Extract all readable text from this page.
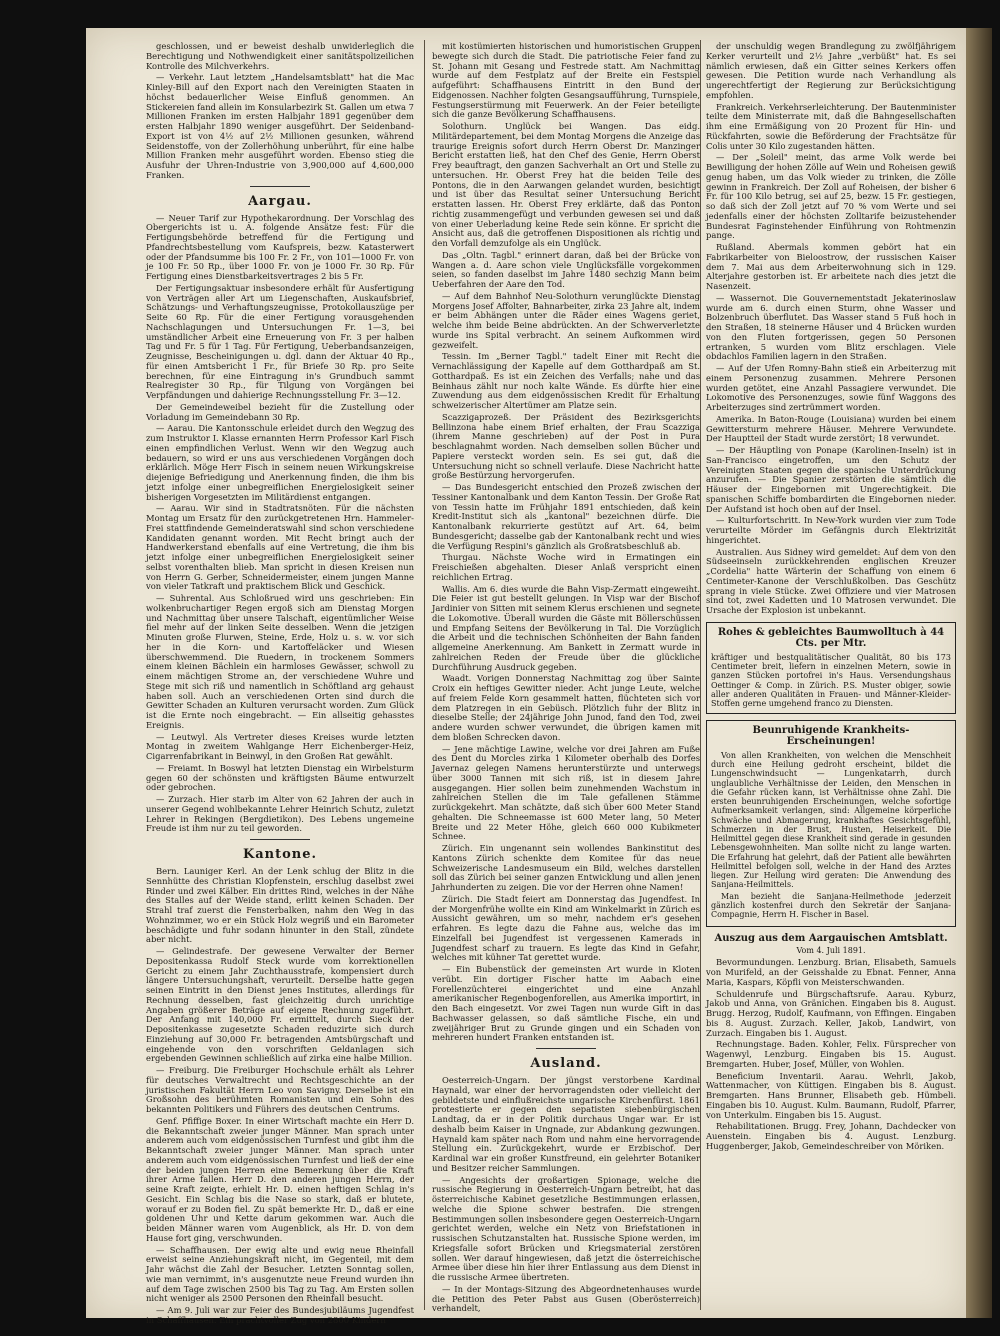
geschlossen, und er beweist deshalb unwiderleglich die Berechtigung und Nothwendigkeit einer sanitätspolizeilichen Kontrolle des Milchverkehrs.

— Verkehr. Laut letztem „Handelsamtsblatt" hat die Mac Kinley-Bill auf den Export nach den Vereinigten Staaten in höchst bedauerlicher Weise Einfluß genommen. An Stickereien fand allein im Konsularbezirk St. Gallen um etwa 7 Millionen Franken im ersten Halbjahr 1891 gegenüber dem ersten Halbjahr 1890 weniger ausgeführt. Der Seidenband-Export ist von 4½ auf 2½ Millionen gesunken, während Seidenstoffe, von der Zollerhöhung unberührt, für eine halbe Million Franken mehr ausgeführt worden. Ebenso stieg die Ausfuhr der Uhren-Industrie von 3,900,000 auf 4,600,000 Franken.

Aargau.

— Neuer Tarif zur Hypothekarordnung. Der Vorschlag des Obergerichts ist u. A. folgende Ansätze fest: Für die Fertigungsbehörde betreffend für die Fertigung und Pfandrechtsbestellung vom Kaufspreis, bezw. Katasterwert oder der Pfandsumme bis 100 Fr. 2 Fr., von 101—1000 Fr. von je 100 Fr. 50 Rp., über 1000 Fr. von je 1000 Fr. 30 Rp. Für Fertigung eines Dienstbarkeitsvertrages 2 bis 5 Fr.

Der Fertigungsaktuar insbesondere erhält für Ausfertigung von Verträgen aller Art um Liegenschaften, Auskaufsbrief, Schätzungs- und Verhaftungszeugnisse, Protokollauszüge per Seite 60 Rp. Für die einer Fertigung vorausgehenden Nachschlagungen und Untersuchungen Fr. 1—3, bei umständlicher Arbeit eine Erneuerung von Fr. 3 per halben Tag und Fr. 5 für 1 Tag. Für Fertigung, Ueberbandsanzeigen, Zeugnisse, Bescheinigungen u. dgl. dann der Aktuar 40 Rp., für einen Amtsbericht 1 Fr., für Briefe 30 Rp. pro Seite berechnen, für eine Eintragung in's Grundbuch sammt Realregister 30 Rp., für Tilgung von Vorgängen bei Verpfändungen und dahierige Rechnungsstellung Fr. 3—12.

Der Gemeindeweibel bezieht für die Zustellung oder Vorladung im Gemeindebann 30 Rp.

— Aarau. Die Kantonsschule erleidet durch den Wegzug des zum Instruktor I. Klasse ernannten Herrn Professor Karl Fisch einen empfindlichen Verlust. Wenn wir den Wegzug auch bedauern, so wird er uns aus verschiedenen Vorgängen doch erklärlich. Möge Herr Fisch in seinem neuen Wirkungskreise diejenige Befriedigung und Anerkennung finden, die ihm bis jetzt infolge einer unbegreiflichen Energielosigkeit seiner bisherigen Vorgesetzten im Militärdienst entgangen.

— Aarau. Wir sind in Stadtratsnöten. Für die nächsten Montag um Ersatz für den zurückgetretenen Hrn. Hammeler-Frei stattfindende Gemeinderatswahl sind schon verschiedene Kandidaten genannt worden. Mit Recht bringt auch der Handwerkerstand ebenfalls auf eine Vertretung, die ihm bis jetzt infolge einer unbegreiflichen Energielosigkeit seiner selbst vorenthalten blieb. Man spricht in diesen Kreisen nun von Herrn G. Gerber, Schneidermeister, einem jungen Manne von vieler Tatkraft und praktischem Blick und Geschick.

— Suhrental. Aus Schloßrued wird uns geschrieben: Ein wolkenbruchartiger Regen ergoß sich am Dienstag Morgen und Nachmittag über unsere Talschaft, eigentümlicher Weise fiel mehr auf der linken Seite desselben. Wenn die jetzigen Minuten große Flurwen, Steine, Erde, Holz u. s. w. vor sich her in die Korn- und Kartoffeläcker und Wiesen überschwemmend. Die Ruedern, in trockenem Sommers einem kleinen Bächlein ein harmloses Gewässer, schwoll zu einem mächtigen Strome an, der verschiedene Wuhre und Stege mit sich riß und namentlich in Schöftland arg gehaust haben soll. Auch an verschiedenen Orten sind durch die Gewitter Schaden an Kulturen verursacht worden. Zum Glück ist die Ernte noch eingebracht. — Ein allseitig gehasstes Ereignis.

— Leutwyl. Als Vertreter dieses Kreises wurde letzten Montag in zweitem Wahlgange Herr Eichenberger-Heiz, Cigarrenfabrikant in Beinwyl, in den Großen Rat gewählt.

— Freiamt. In Boswyl hat letzten Dienstag ein Wirbelsturm gegen 60 der schönsten und kräftigsten Bäume entwurzelt oder gebrochen.

— Zurzach. Hier starb im Alter von 62 Jahren der auch in unserer Gegend wohlbekannte Lehrer Heinrich Schutz, zuletzt Lehrer in Rekingen (Bergdietikon). Des Lebens ungemeine Freude ist ihm nur zu teil geworden.

Kantone.

Bern. Launiger Kerl. An der Lenk schlug der Blitz in die Sennhütte des Christian Klopfenstein, erschlug daselbst zwei Rinder und zwei Kälber. Ein drittes Rind, welches in der Nähe des Stalles auf der Weide stand, erlitt keinen Schaden. Der Strahl traf zuerst die Fensterbalken, nahm den Weg in das Wohnzimmer, wo er ein Stück Holz wegriß und ein Barometer beschädigte und fuhr sodann hinunter in den Stall, zündete aber nicht.

— Gelindestrafe. Der gewesene Verwalter der Berner Depositenkassa Rudolf Steck wurde vom korrektionellen Gericht zu einem Jahr Zuchthausstrafe, kompensiert durch längere Untersuchungshaft, verurteilt. Derselbe hatte gegen seinen Eintritt in den Dienst jenes Institutes, allerdings für Rechnung desselben, fast gleichzeitig durch unrichtige Angaben größerer Beträge auf eigene Rechnung zugeführt. Der Anfang mit 140,000 Fr. ermittelt, durch Sieck der Depositenkasse zugesetzte Schaden reduzirte sich durch Einziehung auf 30,000 Fr. betragenden Amtsbürgschaft und eingehende von den vorschriften Geldanlagen sich ergebenden Gewinnen schließlich auf zirka eine halbe Million.

— Freiburg. Die Freiburger Hochschule erhält als Lehrer für deutsches Verwaltrecht und Rechtsgeschichte an der juristischen Fakultät Herrn Leo von Savigny. Derselbe ist ein Großsohn des berühmten Romanisten und ein Sohn des bekannten Politikers und Führers des deutschen Centrums.

Genf. Pfiffige Boxer. In einer Wirtschaft machte ein Herr D. die Bekanntschaft zweier junger Männer. Man sprach unter anderem auch vom eidgenössischen Turnfest und gibt ihm die Bekanntschaft zweier junger Männer. Man sprach unter anderem auch vom eidgenössischen Turnfest und ließ der eine der beiden jungen Herren eine Bemerkung über die Kraft ihrer Arme fallen. Herr D. den anderen jungen Herrn, der seine Kraft zeigte, erhielt Hr. D. einen heftigen Schlag in's Gesicht. Ein Schlag bis die Nase so stark, daß er blutete, worauf er zu Boden fiel. Zu spät bemerkte Hr. D., daß er eine goldenen Uhr und Kette darum gekommen war. Auch die beiden Männer waren vom Augenblick, als Hr. D. von dem Hause fort ging, verschwunden.

— Schaffhausen. Der ewig alte und ewig neue Rheinfall erweist seine Anziehungskraft nicht, im Gegenteil, mit dem Jahr wächst die Zahl der Besucher. Letzten Sonntag sollen, wie man vernimmt, in's ausgenutzte neue Freund wurden ihn auf dem Tage zwischen 2500 bis Tag zu Tag. Am Ersten sollen nicht weniger als 2500 Personen den Rheinfall besucht.

— Am 9. Juli war zur Feier des Bundesjubiläums Jugendfest in Schaffhausen. Ein prachtvoller Zug von 2800 Kindern

mit kostümierten historischen und humoristischen Gruppen bewegte sich durch die Stadt. Die patriotische Feier fand zu St. Johann mit Gesang und Festrede statt. Am Nachmittag wurde auf dem Festplatz auf der Breite ein Festspiel aufgeführt: Schaffhausens Eintritt in den Bund der Eidgenossen. Nachher folgten Gesangsaufführung, Turnspiele, Festungserstürmung mit Feuerwerk. An der Feier beteiligte sich die ganze Bevölkerung Schaffhausens.

Solothurn. Unglück bei Wangen. Das eidg. Militärdepartement, bei dem Montag Morgens die Anzeige das traurige Ereignis sofort durch Herrn Oberst Dr. Manzinger Bericht erstatten ließ, hat den Chef des Genie, Herrn Oberst Frey beauftragt, den ganzen Sachverhalt an Ort und Stelle zu untersuchen. Hr. Oberst Frey hat die beiden Teile des Pontons, die in den Aarwangen gelandet wurden, besichtigt und ist über das Resultat seiner Untersuchung Bericht erstatten lassen. Hr. Oberst Frey erklärte, daß das Ponton richtig zusammengefügt und verbunden gewesen sei und daß von einer Ueberladung keine Rede sein könne. Er spricht die Ansicht aus, daß die getroffenen Dispositionen als richtig und den Vorfall demzufolge als ein Unglück.

Das „Oltn. Tagbl." erinnert daran, daß bei der Brücke von Wangen a. d. Aare schon viele Unglücksfälle vorgekommen seien, so fanden daselbst im Jahre 1480 sechzig Mann beim Ueberfahren der Aare den Tod.

— Auf dem Bahnhof Neu-Solothurn verunglückte Dienstag Morgens Josef Affolter, Bahnarbeiter, zirka 23 Jahre alt, indem er beim Abhängen unter die Räder eines Wagens geriet, welche ihm beide Beine abdrückten. An der Schwerverletzte wurde ins Spital verbracht. An seinem Aufkommen wird gezweifelt.

Tessin. Im „Berner Tagbl." tadelt Einer mit Recht die Vernachlässigung der Kapelle auf dem Gotthardpaß am St. Gotthardpaß. Es ist ein Zeichen des Verfalls; nahe und das Beinhaus zählt nur noch kalte Wände. Es dürfte hier eine Zuwendung aus dem eidgenössischen Kredit für Erhaltung schweizerischer Altertümer am Platze sein.

Scazzigaprozeß. Der Präsident des Bezirksgerichts Bellinzona habe einem Brief erhalten, der Frau Scazziga (ihrem Manne geschrieben) auf der Post in Pura beschlagnahmt worden. Nach demselben sollen Bücher und Papiere versteckt worden sein. Es sei gut, daß die Untersuchung nicht so schnell verlaufe. Diese Nachricht hatte große Bestürzung hervorgerufen.

— Das Bundesgericht entschied den Prozeß zwischen der Tessiner Kantonalbank und dem Kanton Tessin. Der Große Rat von Tessin hatte im Frühjahr 1891 entschieden, daß kein Kredit-Institut sich als „kantonal" bezeichnen dürfe. Die Kantonalbank rekurrierte gestützt auf Art. 64, beim Bundesgericht; dasselbe gab der Kantonalbank recht und wies die Verfügung Respini's gänzlich als Großratsbeschluß ab.

Thurgau. Nächste Woche wird in Ermatingen ein Freischießen abgehalten. Dieser Anlaß verspricht einen reichlichen Ertrag.

Wallis. Am 6. dies wurde die Bahn Visp-Zermatt eingeweiht. Die Feier ist gut bestellt gelungen. In Visp war der Bischof Jardinier von Sitten mit seinem Klerus erschienen und segnete die Lokomotive. Überall wurden die Gäste mit Böllerschüssen und Empfang Seitens der Bevölkerung in Tal. Die Vorzüglich die Arbeit und die technischen Schönheiten der Bahn fanden allgemeine Anerkennung. Am Bankett in Zermatt wurde in zahlreichen Reden der Freude über die glückliche Durchführung Ausdruck gegeben.

Waadt. Vorigen Donnerstag Nachmittag zog über Sainte Croix ein heftiges Gewitter nieder. Acht junge Leute, welche auf freiem Felde Korn gesammelt hatten, flüchteten sich vor dem Platzregen in ein Gebüsch. Plötzlich fuhr der Blitz in dieselbe Stelle; der 24jährige John Junod, fand den Tod, zwei andere wurden schwer verwundet, die übrigen kamen mit dem bloßen Schrecken davon.

— Jene mächtige Lawine, welche vor drei Jahren am Fuße des Dent du Morcles zirka 1 Kilometer oberhalb des Dorfes Javernaz gelegen Namens herunterstürzte und unterwegs über 3000 Tannen mit sich riß, ist in diesem Jahre ausgegangen. Hier sollen beim zunehmenden Wachstum in zahlreichen Stellen die im Tale gefallenen Stämme zurückgekehrt. Man schätzte, daß sich über 600 Meter Stand gehalten. Die Schneemasse ist 600 Meter lang, 50 Meter Breite und 22 Meter Höhe, gleich 660 000 Kubikmeter Schnee.

Zürich. Ein ungenannt sein wollendes Bankinstitut des Kantons Zürich schenkte dem Komitee für das neue Schweizerische Landesmuseum ein Bild, welches darstellen soll das Zürich bei seiner ganzen Entwicklung und allen jenen Jahrhunderten zu zeigen. Die vor der Herren ohne Namen!

Zürich. Die Stadt feiert am Donnerstag das Jugendfest. In der Morgenfrühe wollte ein Kind am Winkelmarkt in Zürich es Aussicht gewähren, um so mehr, nachdem er's gesehen erfahren. Es legte dazu die Fahne aus, welche das im Einzelfall bei Jugendfest ist vergessenen Kamerads in Jugendfest scharf zu trauern. Es legte das Kind in Gefahr, welches mit kühner Tat gerettet wurde.

— Ein Bubenstück der gemeinsten Art wurde in Kloten verübt. Ein dortiger Fischer hatte im Aabach eine Forellenzüchterei eingerichtet und eine Anzahl amerikanischer Regenbogenforellen, aus Amerika importirt, in den Bach eingesetzt. Vor zwei Tagen nun wurde Gift in das Bachwasser gelassen, so daß sämtliche Fische, ein und zweijähriger Brut zu Grunde gingen und ein Schaden von mehreren hundert Franken entstanden ist.

Ausland.

Oesterreich-Ungarn. Der jüngst verstorbene Kardinal Haynald, war einer der hervorragendsten oder vielleicht der gebildetste und einflußreichste ungarische Kirchenfürst. 1861 protestierte er gegen den sepatisten siebenbürgischen Landtag, da er in der Politik durchaus Ungar war. Er ist deshalb beim Kaiser in Ungnade, zur Abdankung gezwungen. Haynald kam später nach Rom und nahm eine hervorragende Stellung ein. Zurückgekehrt, wurde er Erzbischof. Der Kardinal war ein großer Kunstfreund, ein gelehrter Botaniker und Besitzer reicher Sammlungen.

— Angesichts der großartigen Spionage, welche die russische Regierung in Oesterreich-Ungarn betreibt, hat das österreichische Kabinet gesetzliche Bestimmungen erlassen, welche die Spione schwer bestrafen. Die strengen Bestimmungen sollen insbesondere gegen Oesterreich-Ungarn gerichtet werden, welche ein Netz von Briefstationen in russischen Schutzanstalten hat. Russische Spione werden, im Kriegsfalle sofort Brücken und Kriegsmaterial zerstören sollen. Wer darauf hingewiesen, daß jetzt die österreichische Armee über diese hin hier ihrer Entlassung aus dem Dienst in die russische Armee übertreten.

— In der Montags-Sitzung des Abgeordnetenhauses wurde die Petition des Peter Pabst aus Gusen (Oberösterreich) verhandelt,

der unschuldig wegen Brandlegung zu zwölfjährigem Kerker verurteilt und 2½ Jahre „verbüßt" hat. Es sei nämlich erwiesen, daß ein Gitter seines Kerkers offen gewesen. Die Petition wurde nach Verhandlung als ungerechtfertigt der Regierung zur Berücksichtigung empfohlen.

Frankreich. Verkehrserleichterung. Der Bautenminister teilte dem Ministerrate mit, daß die Bahngesellschaften ihm eine Ermäßigung von 20 Prozent für Hin- und Rückfahrten, sowie die Beförderung der Frachtsätze für Colis unter 30 Kilo zugestanden hätten.

— Der „Soleil" meint, das arme Volk werde bei Bewilligung der hohen Zölle auf Wein und Roheisen gewiß genug haben, um das Volk wieder zu trinken, die Zölle gewinn in Frankreich. Der Zoll auf Roheisen, der bisher 6 Fr. für 100 Kilo betrug, sei auf 25, bezw. 15 Fr. gestiegen, so daß sich der Zoll jetzt auf 70 % vom Werte und sei jedenfalls einer der höchsten Zolltarife beizustehender Bundesrat Faginstehender Einführung von Rohtmenzin pange.

Rußland. Abermals kommen gebört hat ein Fabrikarbeiter von Bieloostrow, der russischen Kaiser dem 7. Mai aus dem Arbeiterwohnung sich in 129. Alterjahre gestorben ist. Er arbeitete nach dies jetzt die Nasenzeit.

— Wassernot. Die Gouvernementstadt Jekaterinoslaw wurde am 6. durch einen Sturm, ohne Wasser und Bolzenbruch überflutet. Das Wasser stand 5 Fuß hoch in den Straßen, 18 steinerne Häuser und 4 Brücken wurden von den Fluten fortgerissen, gegen 50 Personen ertranken, 5 wurden vom Blitz erschlagen. Viele obdachlos Familien lagern in den Straßen.

— Auf der Ufen Romny-Bahn stieß ein Arbeiterzug mit einem Personenzug zusammen. Mehrere Personen wurden getötet, eine Anzahl Passagiere verwundet. Die Lokomotive des Personenzuges, sowie fünf Waggons des Arbeiterzuges sind zertrümmert worden.

Amerika. In Baton-Rouge (Louisiana) wurden bei einem Gewittersturm mehrere Häuser. Mehrere Verwundete. Der Hauptteil der Stadt wurde zerstört; 18 verwundet.

— Der Häuptling von Ponape (Karolinen-Inseln) ist in San-Francisco eingetroffen, um den Schutz der Vereinigten Staaten gegen die spanische Unterdrückung anzurufen. — Die Spanier zerstörten die sämtlich die Häuser der Eingebornen mit Ungerechtigkeit. Die spanischen Schiffe bombardirten die Eingebornen nieder. Der Aufstand ist hoch oben auf der Insel.

— Kulturfortschritt. In New-York wurden vier zum Tode verurteilte Mörder im Gefängnis durch Elektrizität hingerichtet.

Australien. Aus Sidney wird gemeldet: Auf dem von den Südseeinseln zurückkehrenden englischen Kreuzer „Cordelia" hatte Wärterin der Schaffung von einem 6 Centimeter-Kanone der Verschlußkolben. Das Geschütz sprang in viele Stücke. Zwei Offiziere und vier Matrosen sind tot, zwei Kadetten und 10 Matrosen verwundet. Die Ursache der Explosion ist unbekannt.

Rohes & gebleichtes Baumwolltuch à 44 Cts. per Mtr.
kräftiger und bestqualitätischer Qualität, 80 bis 173 Centimeter breit, liefern in einzelnen Metern, sowie in ganzen Stücken portofrei in's Haus. Versendungshaus Oettinger & Comp. in Zürich. P.S. Muster obiger, sowie aller anderen Qualitäten in Frauen- und Männer-Kleider-Stoffen gerne umgehend franco zu Diensten.
Beunruhigende Krankheits-Erscheinungen!

Von allen Krankheiten, von welchen die Menschheit durch eine Heilung gedroht erscheint, bildet die Lungenschwindsucht — Lungenkatarrh, durch unglaubliche Verhältnisse der Leiden, den Menschen in die Gefahr rücken kann, ist Verhältnisse ohne Zahl. Die ersten beunruhigenden Erscheinungen, welche sofortige Aufmerksamkeit verlangen, sind: Allgemeine körperliche Schwäche und Abmagerung, krankhaftes Gesichtsgefühl, Schmerzen in der Brust, Husten, Heiserkeit. Die Heilmittel gegen diese Krankheit sind gerade in gesunden Lebensgewohnheiten. Man sollte nicht zu lange warten. Die Erfahrung hat gelehrt, daß der Patient alle bewährten Heilmittel befolgen soll, welche in der Hand des Arztes liegen. Zur Heilung wird geraten: Die Anwendung des Sanjana-Heilmittels.

Man bezieht die Sanjana-Heilmethode jederzeit gänzlich kostenfrei durch den Sekretär der Sanjana-Compagnie, Herrn H. Fischer in Basel.

Auszug aus dem Aargauischen Amtsblatt.
Vom 4. Juli 1891.

Bevormundungen. Lenzburg. Brian, Elisabeth, Samuels von Murifeld, an der Geisshalde zu Ebnat. Fenner, Anna Maria, Kaspars, Köpfli von Meisterschwanden.

Schuldenrufe und Bürgschaftsrufe. Aarau. Kyburz, Jakob und Anna, von Gränichen. Eingaben bis 8. August. Brugg. Herzog, Rudolf, Kaufmann, von Effingen. Eingaben bis 8. August. Zurzach. Keller, Jakob, Landwirt, von Zurzach. Eingaben bis 1. August.

Rechnungstage. Baden. Kohler, Felix. Fürsprecher von Wagenwyl, Lenzburg. Eingaben bis 15. August. Bremgarten. Huber, Josef, Müller, von Wohlen.

Beneficium Inventarii. Aarau. Wehrli, Jakob, Wattenmacher, von Küttigen. Eingaben bis 8. August. Bremgarten. Hans Brunner, Elisabeth geb. Hümbeli. Eingaben bis 10. August. Kulm. Baumann, Rudolf, Pfarrer, von Unterkulm. Eingaben bis 15. August.

Rehabilitationen. Brugg. Frey, Johann, Dachdecker von Auenstein. Eingaben bis 4. August. Lenzburg. Huggenberger, Jakob, Gemeindeschreiber von Möriken.
